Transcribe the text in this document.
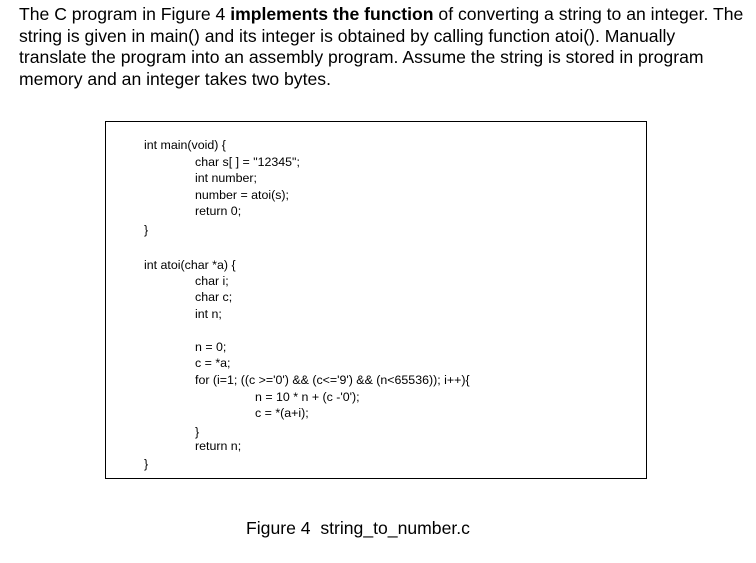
The C program in Figure 4 implements the function of converting a string to an integer. The string is given in main() and its integer is obtained by calling function atoi(). Manually translate the program into an assembly program. Assume the string is stored in program memory and an integer takes two bytes.

int main(void) {
char s[ ] = "12345";
int number;
number = atoi(s);
return 0;
}
int atoi(char *a) {
char i;
char c;
int n;
n = 0;
c = *a;
for (i=1; ((c >='0') && (c<='9') && (n<65536)); i++){
n = 10 * n + (c -'0');
c = *(a+i);
}
return n;
}
Figure 4  string_to_number.c
